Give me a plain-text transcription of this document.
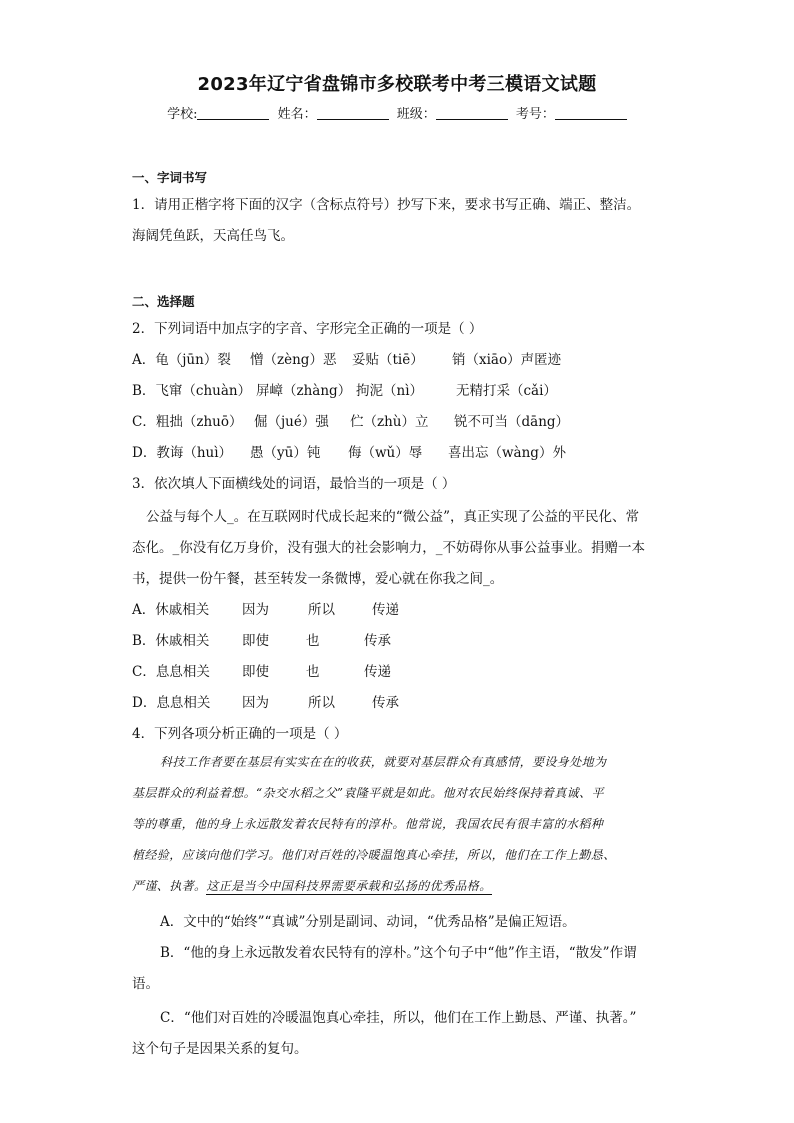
2023年辽宁省盘锦市多校联考中考三模语文试题
学校:	姓名：	班级：	考号：
一、字词书写
1．请用正楷字将下面的汉字（含标点符号）抄写下来，要求书写正确、端正、整洁。
海阔凭鱼跃，天高任鸟飞。
二、选择题
2．下列词语中加点字的字音、字形完全正确的一项是（ ）
A．龟（jūn）裂 憎（zèng）恶 妥贴（tiē） 销（xiāo）声匿迹
B．飞窜（chuàn） 屏嶂（zhàng） 拘泥（nì） 无精打采（cǎi）
C．粗拙（zhuō） 倔（jué）强 伫（zhù）立 锐不可当（dāng）
D．教诲（huì） 愚（yū）钝 侮（wǔ）辱 喜出忘（wàng）外
3．依次填人下面横线处的词语，最恰当的一项是（ ）
公益与每个人_。在互联网时代成长起来的“微公益”，真正实现了公益的平民化、常
态化。_你没有亿万身价，没有强大的社会影响力，_不妨碍你从事公益事业。捐赠一本
书，提供一份午餐，甚至转发一条微博，爱心就在你我之间_。
A．休戚相关 因为	所以	传递
B．休戚相关 即使	也	传承
C．息息相关 即使	也	传递
D．息息相关 因为	所以	传承
4．下列各项分析正确的一项是（ ）
科技工作者要在基层有实实在在的收获，就要对基层群众有真感情，要设身处地为
基层群众的利益着想。“杂交水稻之父”袁隆平就是如此。他对农民始终保持着真诚、平
等的尊重，他的身上永远散发着农民特有的淳朴。他常说，我国农民有很丰富的水稻种
植经验，应该向他们学习。他们对百姓的冷暖温饱真心牵挂，所以，他们在工作上勤恳、
严谨、执著。这正是当今中国科技界需要承载和弘扬的优秀品格。
A．文中的“始终”“真诚”分别是副词、动词，“优秀品格”是偏正短语。
B．“他的身上永远散发着农民特有的淳朴。”这个句子中“他”作主语，“散发”作谓
语。
C．“他们对百姓的冷暖温饱真心牵挂，所以，他们在工作上勤恳、严谨、执著。”
这个句子是因果关系的复句。
